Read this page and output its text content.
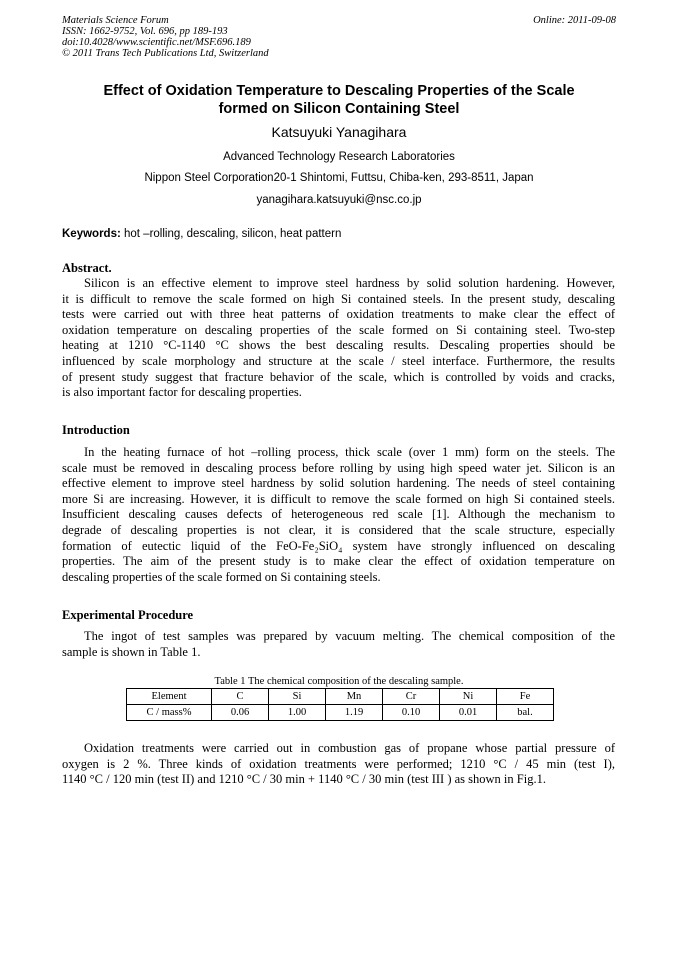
Materials Science Forum
ISSN: 1662-9752, Vol. 696, pp 189-193
doi:10.4028/www.scientific.net/MSF.696.189
© 2011 Trans Tech Publications Ltd, Switzerland
Online: 2011-09-08
Effect of Oxidation Temperature to Descaling Properties of the Scale
formed on Silicon Containing Steel
Katsuyuki Yanagihara
Advanced Technology Research Laboratories
Nippon Steel Corporation20-1 Shintomi, Futtsu, Chiba-ken, 293-8511, Japan
yanagihara.katsuyuki@nsc.co.jp
Keywords: hot –rolling, descaling, silicon, heat pattern
Abstract.
Silicon is an effective element to improve steel hardness by solid solution hardening. However,
it is difficult to remove the scale formed on high Si contained steels. In the present study, descaling
tests were carried out with three heat patterns of oxidation treatments to make clear the effect of
oxidation temperature on descaling properties of the scale formed on Si containing steel. Two-step
heating at 1210 °C-1140 °C shows the best descaling results. Descaling properties should be
influenced by scale morphology and structure at the scale / steel interface. Furthermore, the results
of present study suggest that fracture behavior of the scale, which is controlled by voids and cracks,
is also important factor for descaling properties.
Introduction
In the heating furnace of hot –rolling process, thick scale (over 1 mm) form on the steels. The
scale must be removed in descaling process before rolling by using high speed water jet. Silicon is an
effective element to improve steel hardness by solid solution hardening. The needs of steel containing
more Si are increasing. However, it is difficult to remove the scale formed on high Si contained steels.
Insufficient descaling causes defects of heterogeneous red scale [1]. Although the mechanism to
degrade of descaling properties is not clear, it is considered that the scale structure, especially
formation of eutectic liquid of the FeO-Fe₂SiO₄ system have strongly influenced on descaling
properties. The aim of the present study is to make clear the effect of oxidation temperature on
descaling properties of the scale formed on Si containing steels.
Experimental Procedure
The ingot of test samples was prepared by vacuum melting. The chemical composition of the
sample is shown in Table 1.
Table 1 The chemical composition of the descaling sample.
Element	C	Si	Mn	Cr	Ni	Fe
C / mass%	0.06	1.00	1.19	0.10	0.01	bal.
Oxidation treatments were carried out in combustion gas of propane whose partial pressure of
oxygen is 2 %. Three kinds of oxidation treatments were performed; 1210 °C / 45 min (test I),
1140 °C / 120 min (test II) and 1210 °C / 30 min + 1140 °C / 30 min (test III ) as shown in Fig.1.
